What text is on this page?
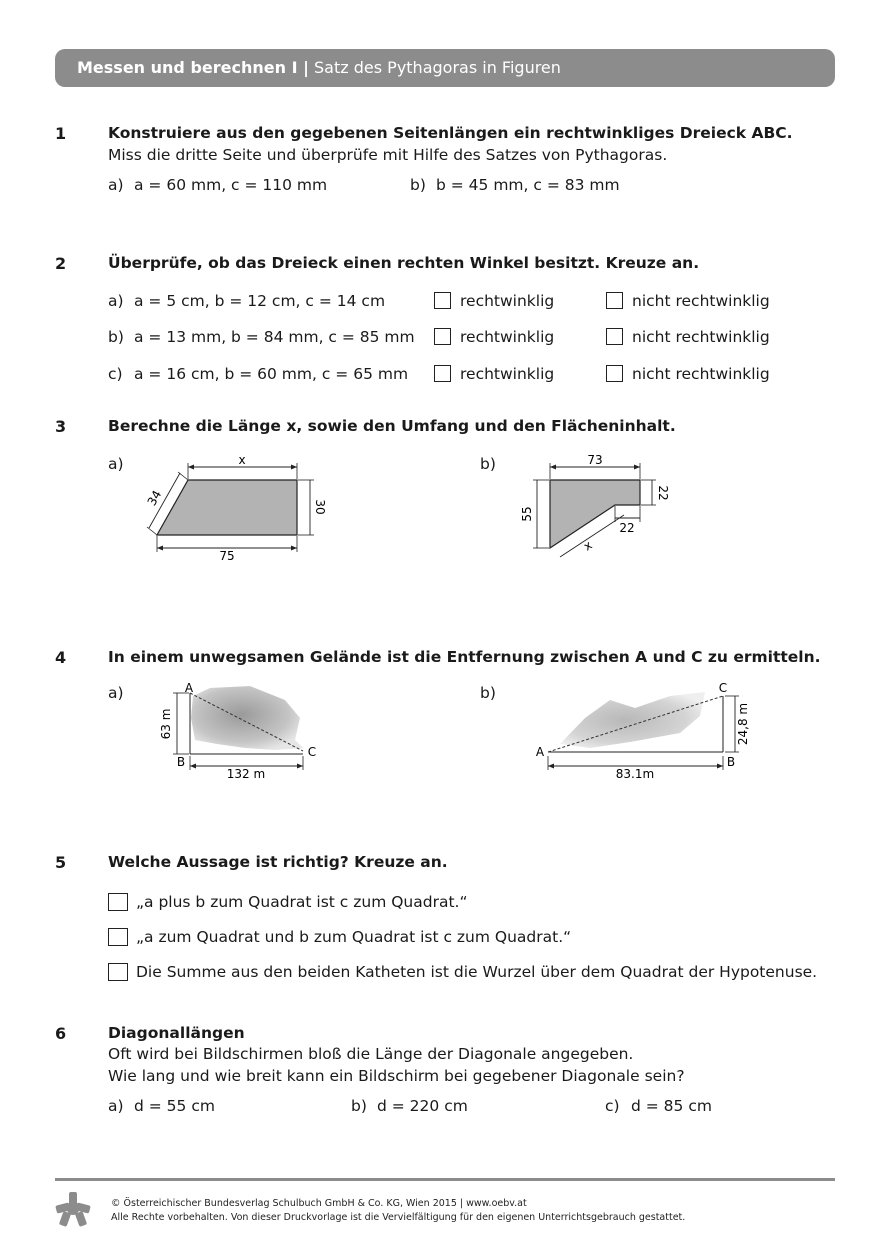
Messen und berechnen I | Satz des Pythagoras in Figuren
1	Konstruiere aus den gegebenen Seitenlängen ein rechtwinkliges Dreieck ABC.
Miss die dritte Seite und überprüfe mit Hilfe des Satzes von Pythagoras.
a) a = 60 mm, c = 110 mm	b) b = 45 mm, c = 83 mm
2	Überprüfe, ob das Dreieck einen rechten Winkel besitzt. Kreuze an.
a) a = 5 cm, b = 12 cm, c = 14 cm	rechtwinklig	nicht rechtwinklig
b) a = 13 mm, b = 84 mm, c = 85 mm	rechtwinklig	nicht rechtwinklig
c) a = 16 cm, b = 60 mm, c = 65 mm	rechtwinklig	nicht rechtwinklig
3	Berechne die Länge x, sowie den Umfang und den Flächeninhalt.
a)	b)
x
34	30
75
73
22
55
22
x
4	In einem unwegsamen Gelände ist die Entfernung zwischen A und C zu ermitteln.
a)	b)
A
B
C
63 m
132 m
A
B
C
24,8 m
83.1m
5	Welche Aussage ist richtig? Kreuze an.
„a plus b zum Quadrat ist c zum Quadrat.“
„a zum Quadrat und b zum Quadrat ist c zum Quadrat.“
Die Summe aus den beiden Katheten ist die Wurzel über dem Quadrat der Hypotenuse.
6	Diagonallängen
Oft wird bei Bildschirmen bloß die Länge der Diagonale angegeben.
Wie lang und wie breit kann ein Bildschirm bei gegebener Diagonale sein?
a) d = 55 cm	b) d = 220 cm	c) d = 85 cm
© Österreichischer Bundesverlag Schulbuch GmbH & Co. KG, Wien 2015 | www.oebv.at
Alle Rechte vorbehalten. Von dieser Druckvorlage ist die Vervielfältigung für den eigenen Unterrichtsgebrauch gestattet.
